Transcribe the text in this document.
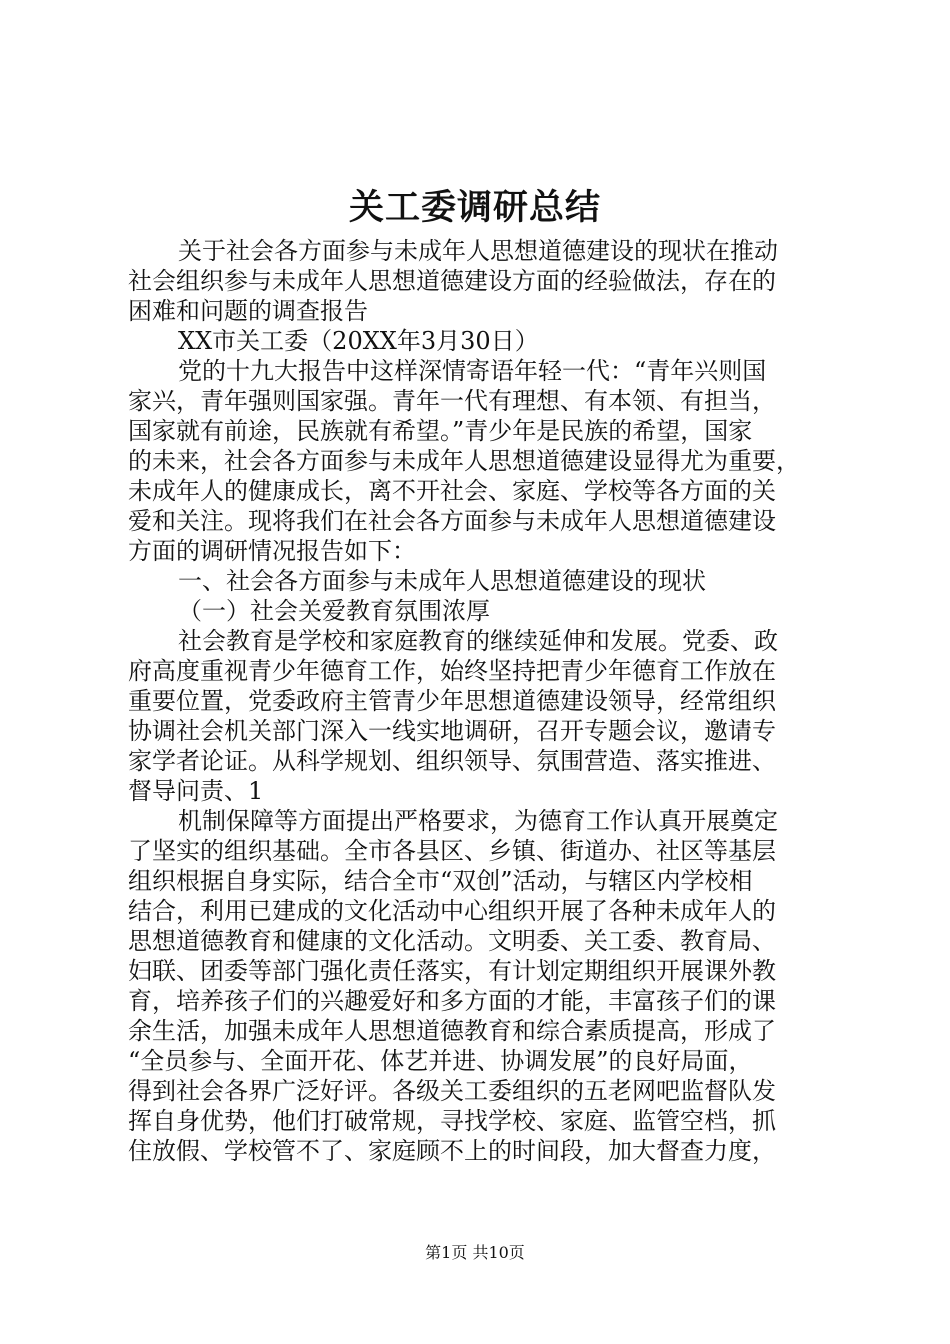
关工委调研总结
关于社会各方面参与未成年人思想道德建设的现状在推动
社会组织参与未成年人思想道德建设方面的经验做法，存在的
困难和问题的调查报告
XX市关工委（20XX年3月30日）
党的十九大报告中这样深情寄语年轻一代：“青年兴则国
家兴，青年强则国家强。青年一代有理想、有本领、有担当，
国家就有前途，民族就有希望。”青少年是民族的希望，国家
的未来，社会各方面参与未成年人思想道德建设显得尤为重要，
未成年人的健康成长，离不开社会、家庭、学校等各方面的关
爱和关注。现将我们在社会各方面参与未成年人思想道德建设
方面的调研情况报告如下：
一、社会各方面参与未成年人思想道德建设的现状
（一）社会关爱教育氛围浓厚
社会教育是学校和家庭教育的继续延伸和发展。党委、政
府高度重视青少年德育工作，始终坚持把青少年德育工作放在
重要位置，党委政府主管青少年思想道德建设领导，经常组织
协调社会机关部门深入一线实地调研，召开专题会议，邀请专
家学者论证。从科学规划、组织领导、氛围营造、落实推进、
督导问责、1
机制保障等方面提出严格要求，为德育工作认真开展奠定
了坚实的组织基础。全市各县区、乡镇、街道办、社区等基层
组织根据自身实际，结合全市“双创”活动，与辖区内学校相
结合，利用已建成的文化活动中心组织开展了各种未成年人的
思想道德教育和健康的文化活动。文明委、关工委、教育局、
妇联、团委等部门强化责任落实，有计划定期组织开展课外教
育，培养孩子们的兴趣爱好和多方面的才能，丰富孩子们的课
余生活，加强未成年人思想道德教育和综合素质提高，形成了
“全员参与、全面开花、体艺并进、协调发展”的良好局面，
得到社会各界广泛好评。各级关工委组织的五老网吧监督队发
挥自身优势，他们打破常规，寻找学校、家庭、监管空档，抓
住放假、学校管不了、家庭顾不上的时间段，加大督查力度，
第1页 共10页
